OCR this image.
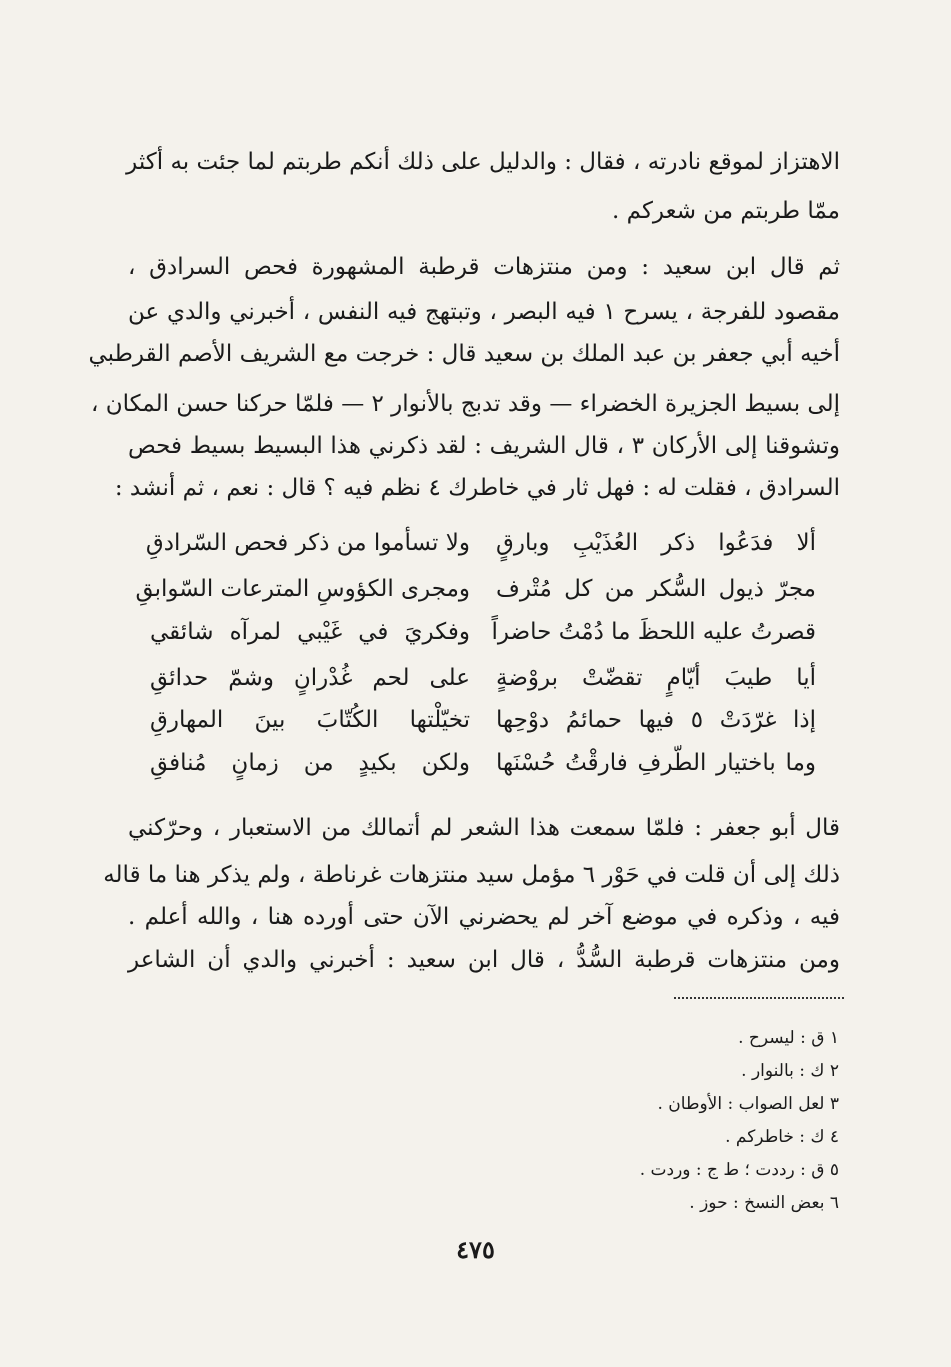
الاهتزاز لموقع نادرته ، فقال : والدليل على ذلك أنكم طربتم لما جئت به أكثر
ممّا طربتم من شعركم .
ثم قال ابن سعيد : ومن منتزهات قرطبة المشهورة فحص السرادق ،
مقصود للفرجة ، يسرح ١ فيه البصر ، وتبتهج فيه النفس ، أخبرني والدي عن
أخيه أبي جعفر بن عبد الملك بن سعيد قال : خرجت مع الشريف الأصم القرطبي
إلى بسيط الجزيرة الخضراء — وقد تدبج بالأنوار ٢ — فلمّا حركنا حسن المكان ،
وتشوقنا إلى الأركان ٣ ، قال الشريف : لقد ذكرني هذا البسيط بسيط فحص
السرادق ، فقلت له : فهل ثار في خاطرك ٤ نظم فيه ؟ قال : نعم ، ثم أنشد :
ألا فدَعُوا ذكر العُذَيْبِ وبارقٍ
ولا تسأموا من ذكر فحص السّرادقِ
مجرّ ذيول السُّكر من كل مُتْرف
ومجرى الكؤوسِ المترعات السّوابقِ
قصرتُ عليه اللحظَ ما دُمْتُ حاضراً
وفكريَ في غَيْبي لمرآه شائقي
أيا طيبَ أيّامٍ تقضّتْ بروْضةٍ
على لحم غُدْرانٍ وشمّ حدائقِ
إذا غرّدَتْ ٥ فيها حمائمُ دوْحِها
تخيّلْتها الكُتّابَ بينَ المهارقِ
وما باختيار الطّرفِ فارقْتُ حُسْنَها
ولكن بكيدٍ من زمانٍ مُنافقِ
قال أبو جعفر : فلمّا سمعت هذا الشعر لم أتمالك من الاستعبار ، وحرّكني
ذلك إلى أن قلت في حَوْر ٦ مؤمل سيد منتزهات غرناطة ، ولم يذكر هنا ما قاله
فيه ، وذكره في موضع آخر لم يحضرني الآن حتى أورده هنا ، والله أعلم .
ومن منتزهات قرطبة السُّدُّ ، قال ابن سعيد : أخبرني والدي أن الشاعر
١ ق : ليسرح .
٢ ك : بالنوار .
٣ لعل الصواب : الأوطان .
٤ ك : خاطركم .
٥ ق : رددت ؛ ط ج : وردت .
٦ بعض النسخ : حوز .
٤٧٥
